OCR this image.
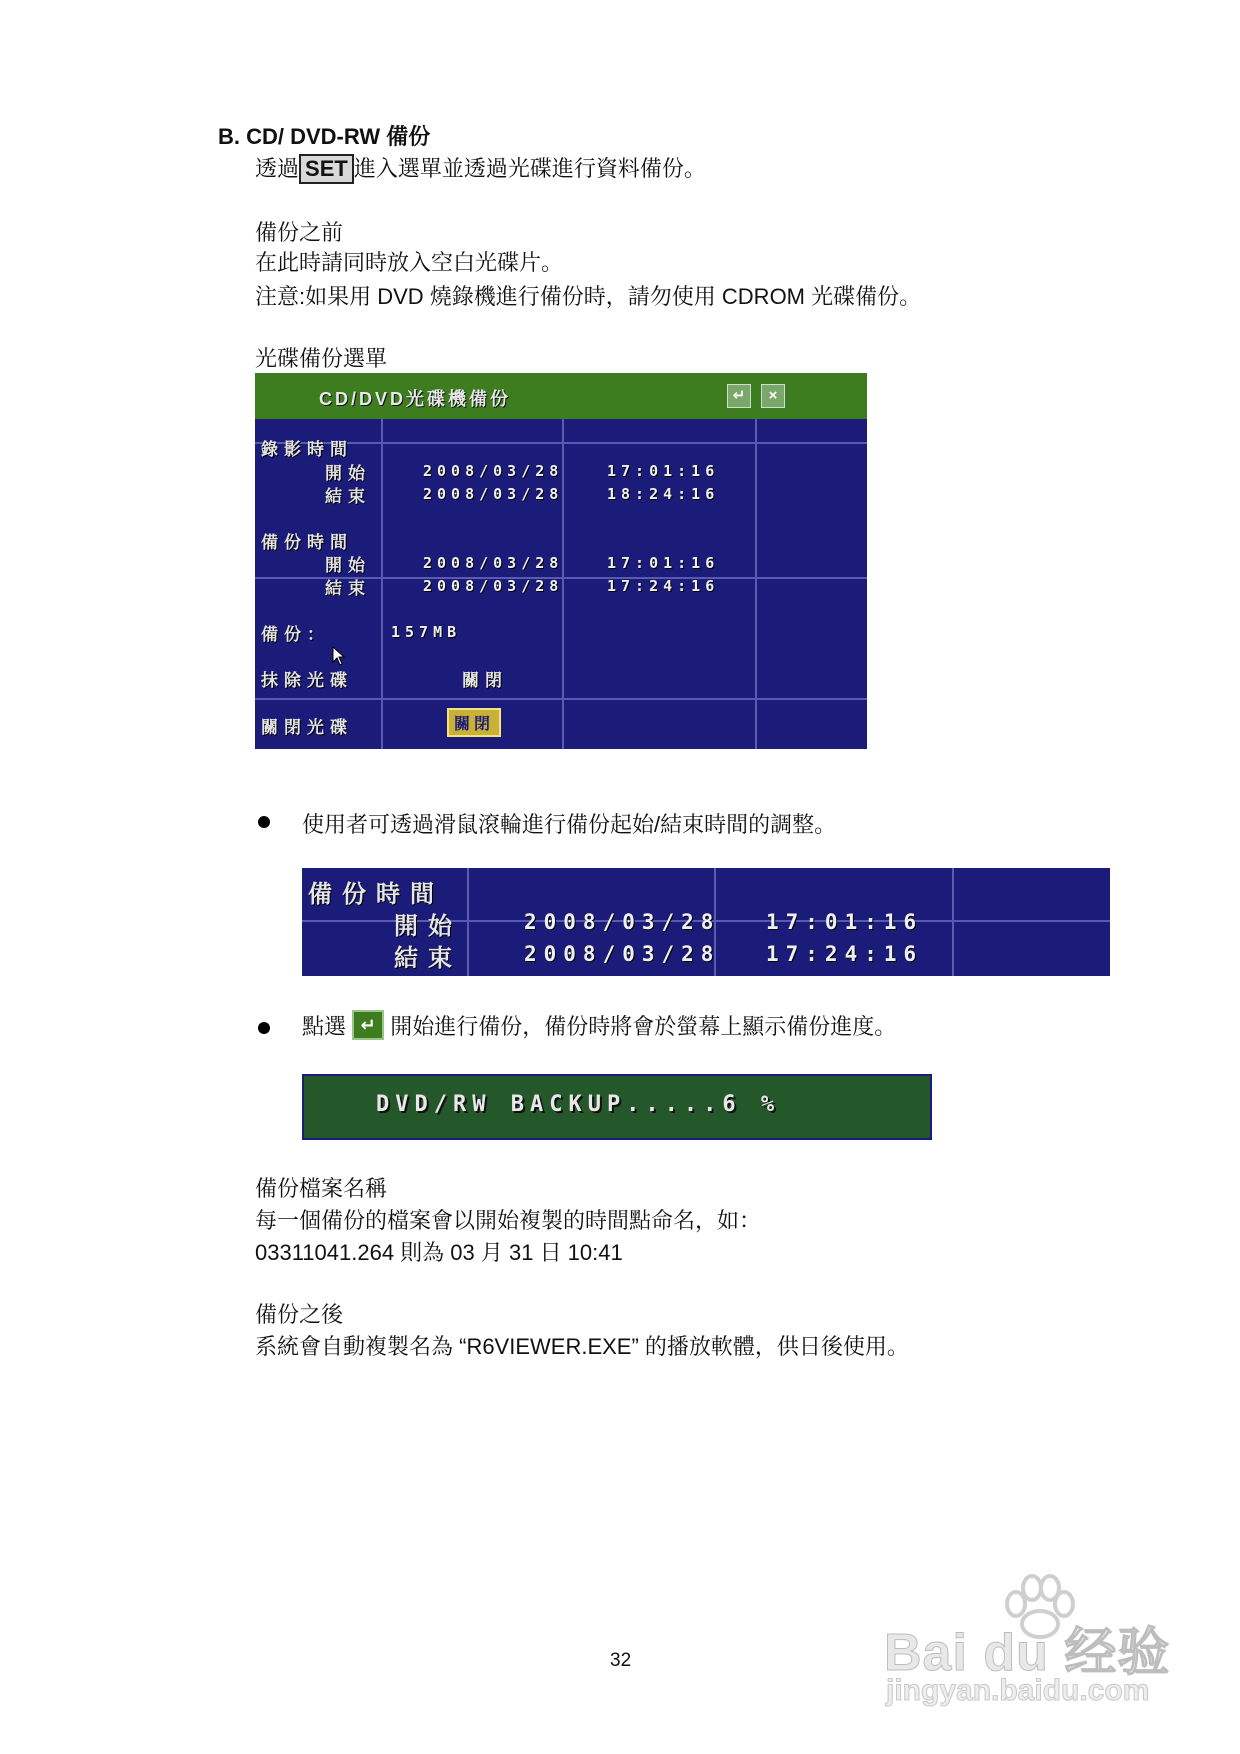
B. CD/ DVD-RW 備份
透過 SET 進入選單並透過光碟進行資料備份。
備份之前
在此時請同時放入空白光碟片。
注意:如果用 DVD 燒錄機進行備份時，請勿使用 CDROM 光碟備份。
光碟備份選單
CD/DVD光碟機備份	↵	×
錄影時間
開始	2008/03/28	17:01:16
結束	2008/03/28	18:24:16
備份時間
開始	2008/03/28	17:01:16
結束	2008/03/28	17:24:16
備份：	157MB
抹除光碟	關閉
關閉光碟	關閉
使用者可透過滑鼠滾輪進行備份起始/結束時間的調整。
備份時間
開始	2008/03/28 17:01:16
結束	2008/03/28 17:24:16
點選 ↵ 開始進行備份，備份時將會於螢幕上顯示備份進度。
DVD/RW BACKUP.....6 %
備份檔案名稱
每一個備份的檔案會以開始複製的時間點命名，如：
03311041.264 則為 03 月 31 日 10:41
備份之後
系統會自動複製名為 “R6VIEWER.EXE” 的播放軟體，供日後使用。
32	Bai du 经验
jingyan.baidu.com
